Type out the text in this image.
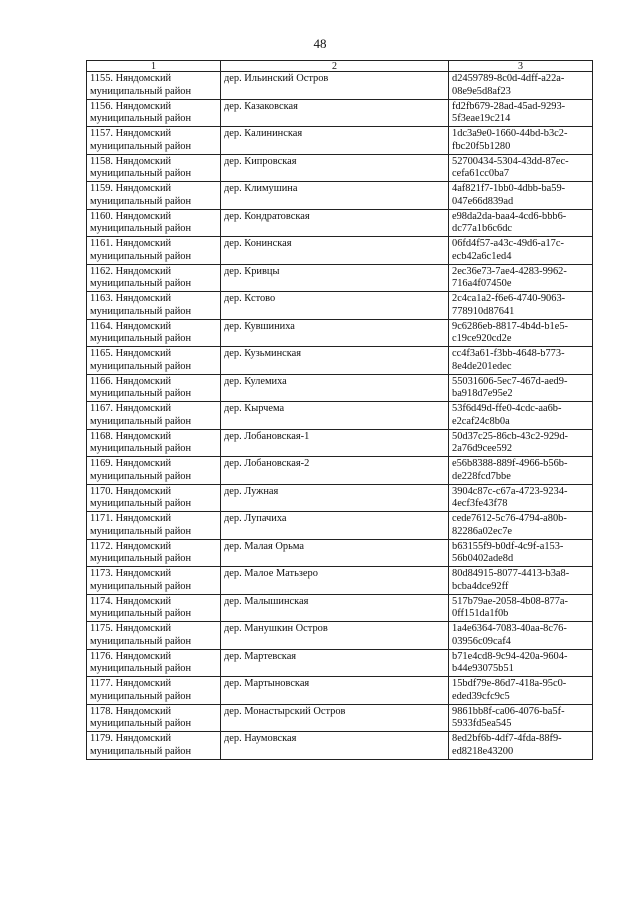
48
1	2	3
1155. Няндомский муниципальный район	дер. Ильинский Остров	d2459789-8c0d-4dff-a22a-08e9e5d8af23
1156. Няндомский муниципальный район	дер. Казаковская	fd2fb679-28ad-45ad-9293-5f3eae19c214
1157. Няндомский муниципальный район	дер. Калининская	1dc3a9e0-1660-44bd-b3c2-fbc20f5b1280
1158. Няндомский муниципальный район	дер. Кипровская	52700434-5304-43dd-87ec-cefa61cc0ba7
1159. Няндомский муниципальный район	дер. Климушина	4af821f7-1bb0-4dbb-ba59-047e66d839ad
1160. Няндомский муниципальный район	дер. Кондратовская	e98da2da-baa4-4cd6-bbb6-dc77a1b6c6dc
1161. Няндомский муниципальный район	дер. Конинская	06fd4f57-a43c-49d6-a17c-ecb42a6c1ed4
1162. Няндомский муниципальный район	дер. Кривцы	2ec36e73-7ae4-4283-9962-716a4f07450e
1163. Няндомский муниципальный район	дер. Кстово	2c4ca1a2-f6e6-4740-9063-778910d87641
1164. Няндомский муниципальный район	дер. Кувшиниха	9c6286eb-8817-4b4d-b1e5-c19ce920cd2e
1165. Няндомский муниципальный район	дер. Кузьминская	cc4f3a61-f3bb-4648-b773-8e4de201edec
1166. Няндомский муниципальный район	дер. Кулемиха	55031606-5ec7-467d-aed9-ba918d7e95e2
1167. Няндомский муниципальный район	дер. Кырчема	53f6d49d-ffe0-4cdc-aa6b-e2caf24c8b0a
1168. Няндомский муниципальный район	дер. Лобановская-1	50d37c25-86cb-43c2-929d-2a76d9cee592
1169. Няндомский муниципальный район	дер. Лобановская-2	e56b8388-889f-4966-b56b-de228fcd7bbe
1170. Няндомский муниципальный район	дер. Лужная	3904c87c-c67a-4723-9234-4ecf3fe43f78
1171. Няндомский муниципальный район	дер. Лупачиха	cede7612-5c76-4794-a80b-82286a02ec7e
1172. Няндомский муниципальный район	дер. Малая Орьма	b63155f9-b0df-4c9f-a153-56b0402ade8d
1173. Няндомский муниципальный район	дер. Малое Матьзеро	80d84915-8077-4413-b3a8-bcba4dce92ff
1174. Няндомский муниципальный район	дер. Малышинская	517b79ae-2058-4b08-877a-0ff151da1f0b
1175. Няндомский муниципальный район	дер. Манушкин Остров	1a4e6364-7083-40aa-8c76-03956c09caf4
1176. Няндомский муниципальный район	дер. Мартевская	b71e4cd8-9c94-420a-9604-b44e93075b51
1177. Няндомский муниципальный район	дер. Мартыновская	15bdf79e-86d7-418a-95c0-eded39cfc9c5
1178. Няндомский муниципальный район	дер. Монастырский Остров	9861bb8f-ca06-4076-ba5f-5933fd5ea545
1179. Няндомский муниципальный район	дер. Наумовская	8ed2bf6b-4df7-4fda-88f9-ed8218e43200
